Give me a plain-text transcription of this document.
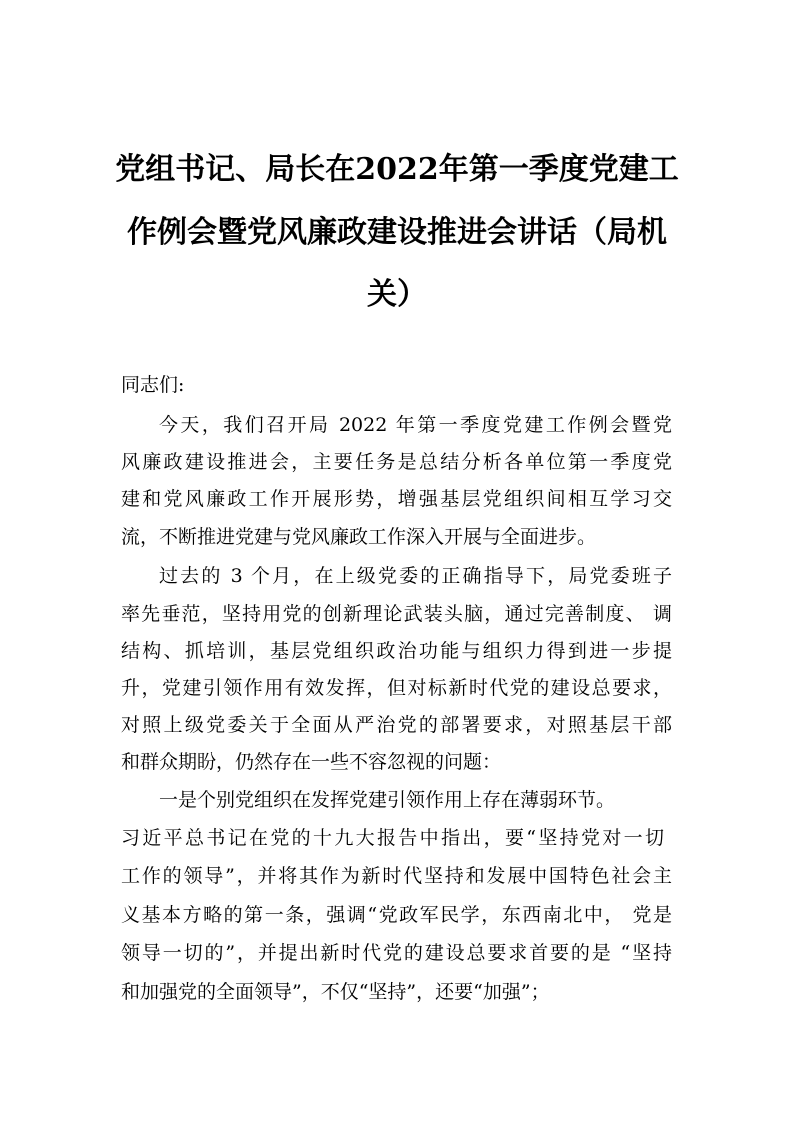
党组书记、局长在2022年第一季度党建工
作例会暨党风廉政建设推进会讲话（局机
关）
同志们:
今天，我们召开局 2022 年第一季度党建工作例会暨党
风廉政建设推进会，主要任务是总结分析各单位第一季度党
建和党风廉政工作开展形势，增强基层党组织间相互学习交
流，不断推进党建与党风廉政工作深入开展与全面进步。
过去的 3 个月，在上级党委的正确指导下，局党委班子
率先垂范，坚持用党的创新理论武装头脑，通过完善制度、 调
结构、抓培训，基层党组织政治功能与组织力得到进一步提
升，党建引领作用有效发挥，但对标新时代党的建设总要求，
对照上级党委关于全面从严治党的部署要求，对照基层干部
和群众期盼，仍然存在一些不容忽视的问题：
一是个别党组织在发挥党建引领作用上存在薄弱环节。
习近平总书记在党的十九大报告中指出，要“坚持党对一切
工作的领导”，并将其作为新时代坚持和发展中国特色社会主
义基本方略的第一条，强调“党政军民学，东西南北中， 党是
领导一切的”，并提出新时代党的建设总要求首要的是 “坚持
和加强党的全面领导”，不仅“坚持”，还要“加强”；
